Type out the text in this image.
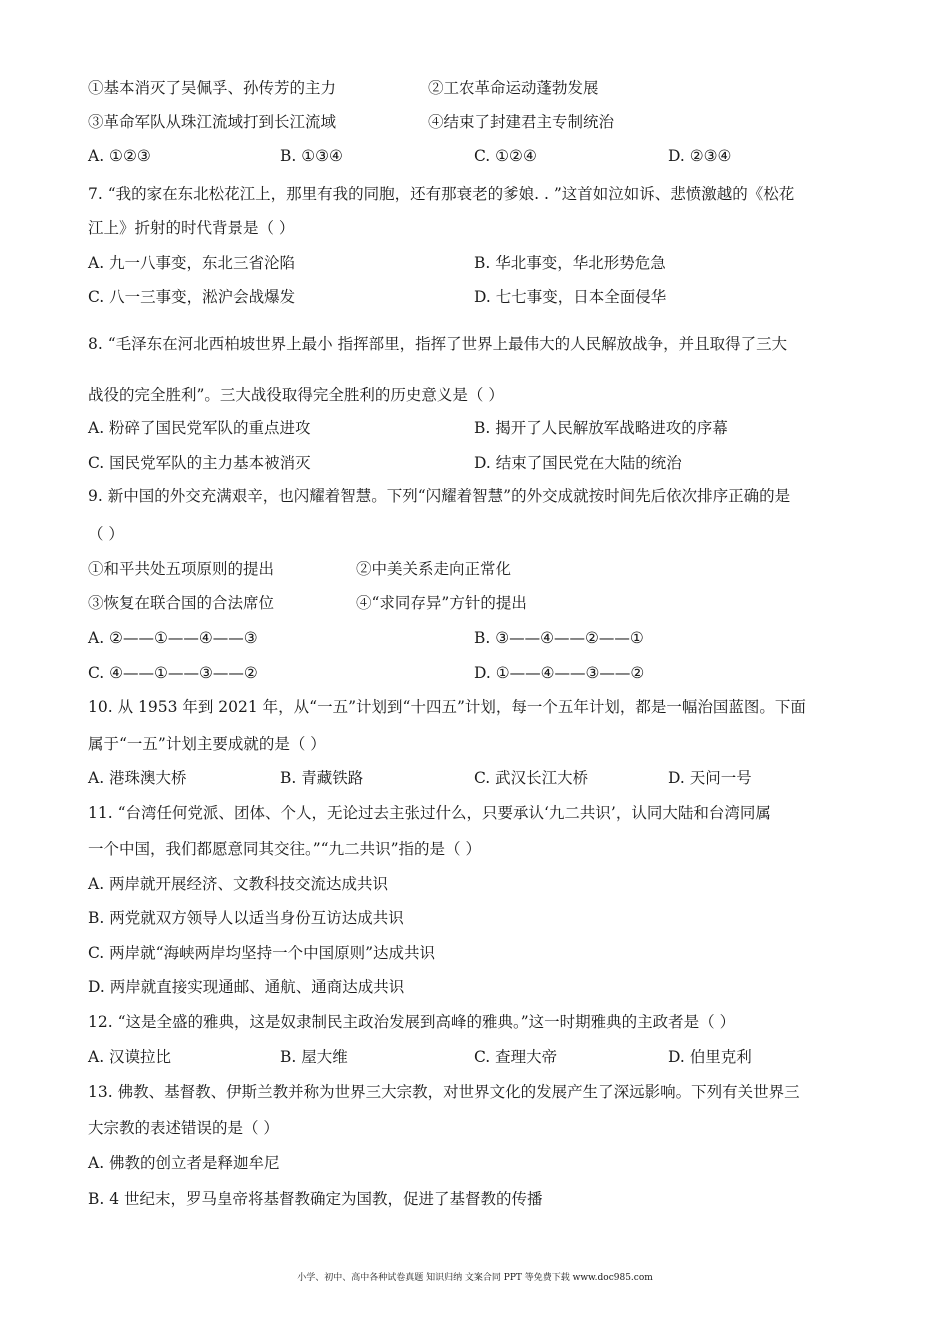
①基本消灭了吴佩孚、孙传芳的主力	②工农革命运动蓬勃发展
③革命军队从珠江流域打到长江流域	④结束了封建君主专制统治
A. ①②③	B. ①③④	C. ①②④	D. ②③④
7. “我的家在东北松花江上，那里有我的同胞，还有那衰老的爹娘. . ”这首如泣如诉、悲愤激越的《松花
江上》折射的时代背景是（ ）
A. 九一八事变，东北三省沦陷	B. 华北事变，华北形势危急
C. 八一三事变，淞沪会战爆发	D. 七七事变，日本全面侵华
8. “毛泽东在河北西柏坡世界上最小 指挥部里，指挥了世界上最伟大的人民解放战争，并且取得了三大
战役的完全胜利”。三大战役取得完全胜利的历史意义是（ ）
A. 粉碎了国民党军队的重点进攻	B. 揭开了人民解放军战略进攻的序幕
C. 国民党军队的主力基本被消灭	D. 结束了国民党在大陆的统治
9. 新中国的外交充满艰辛，也闪耀着智慧。下列“闪耀着智慧”的外交成就按时间先后依次排序正确的是
（ ）
①和平共处五项原则的提出	②中美关系走向正常化
③恢复在联合国的合法席位	④“求同存异”方针的提出
A. ②——①——④——③	B. ③——④——②——①
C. ④——①——③——②	D. ①——④——③——②
10. 从 1953 年到 2021 年，从“一五”计划到“十四五”计划，每一个五年计划，都是一幅治国蓝图。下面
属于“一五”计划主要成就的是（ ）
A. 港珠澳大桥	B. 青藏铁路	C. 武汉长江大桥	D. 天问一号
11. “台湾任何党派、团体、个人，无论过去主张过什么，只要承认‘九二共识’，认同大陆和台湾同属
一个中国，我们都愿意同其交往。”“九二共识”指的是（ ）
A. 两岸就开展经济、文教科技交流达成共识
B. 两党就双方领导人以适当身份互访达成共识
C. 两岸就“海峡两岸均坚持一个中国原则”达成共识
D. 两岸就直接实现通邮、通航、通商达成共识
12. “这是全盛的雅典，这是奴隶制民主政治发展到高峰的雅典。”这一时期雅典的主政者是（ ）
A. 汉谟拉比	B. 屋大维	C. 查理大帝	D. 伯里克利
13. 佛教、基督教、伊斯兰教并称为世界三大宗教，对世界文化的发展产生了深远影响。下列有关世界三
大宗教的表述错误的是（ ）
A. 佛教的创立者是释迦牟尼
B. 4 世纪末，罗马皇帝将基督教确定为国教，促进了基督教的传播
小学、初中、高中各种试卷真题 知识归纳 文案合同 PPT 等免费下载 www.doc985.com
